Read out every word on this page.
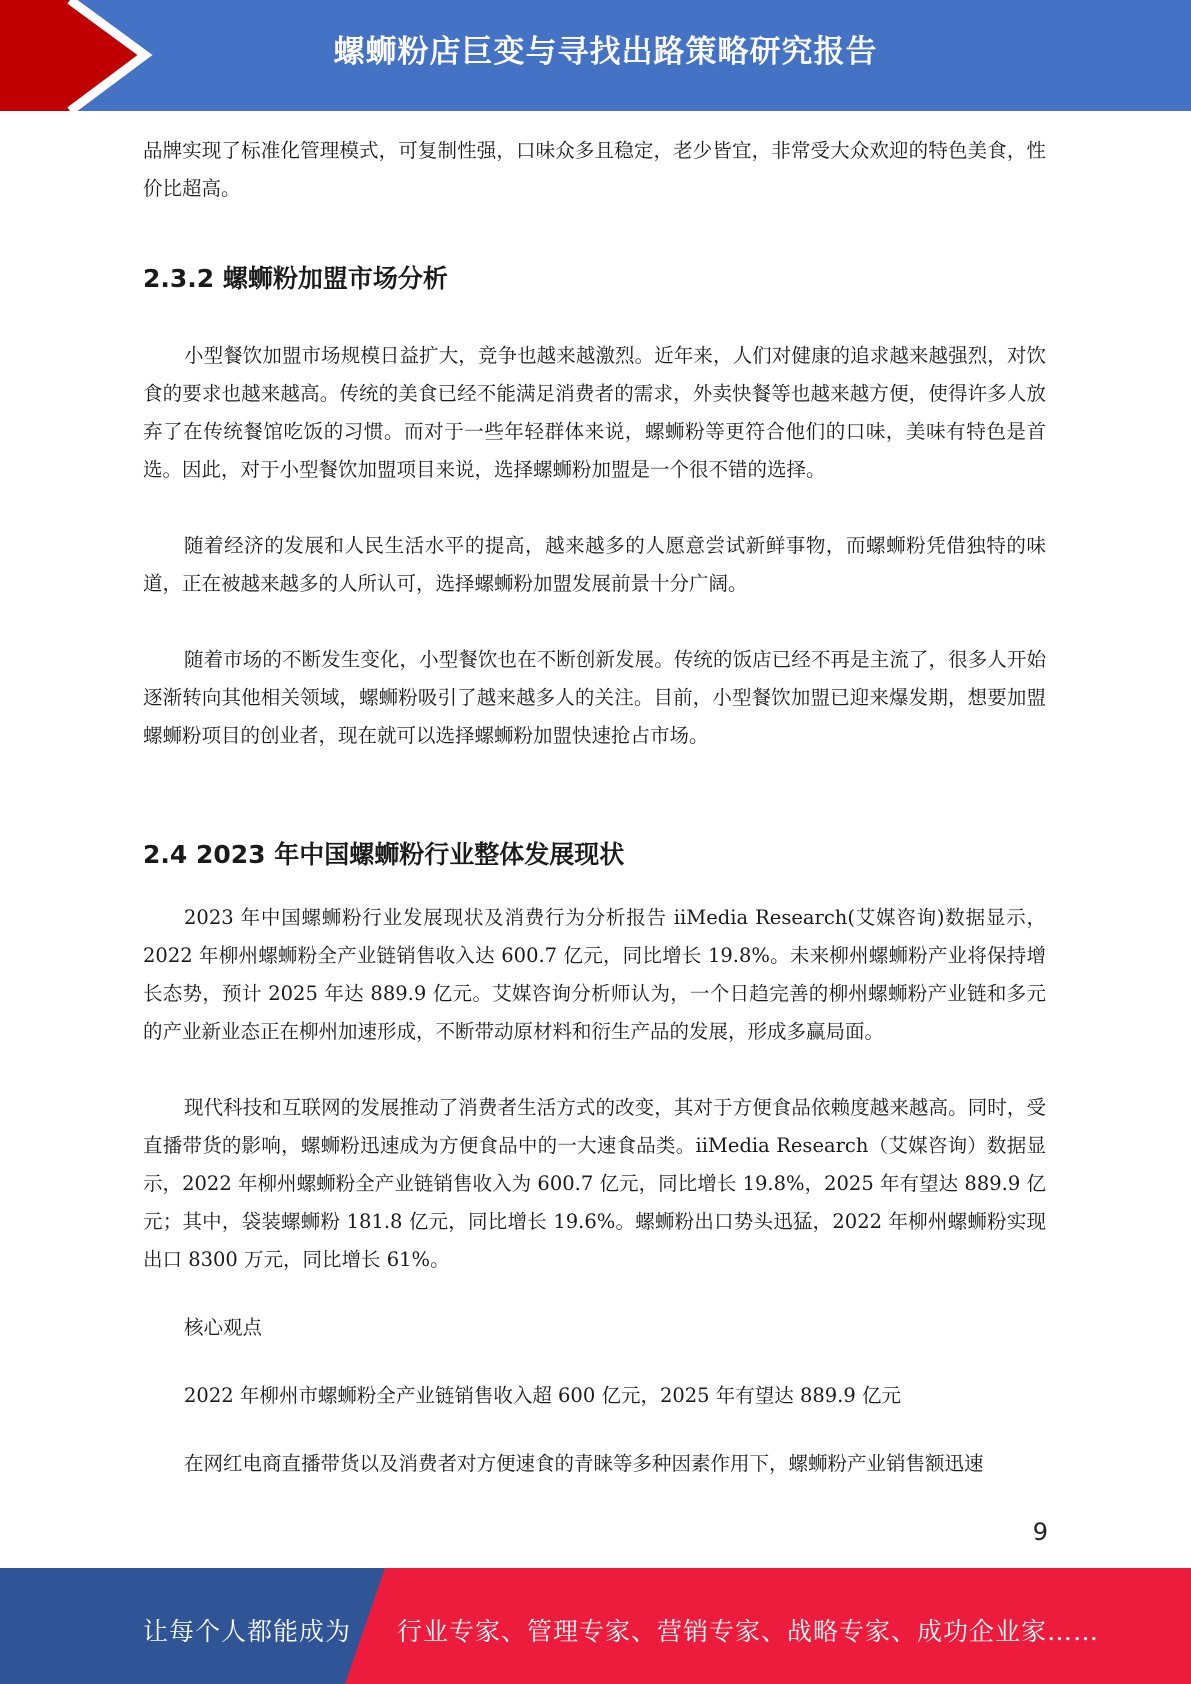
螺蛳粉店巨变与寻找出路策略研究报告

品牌实现了标准化管理模式，可复制性强，口味众多且稳定，老少皆宜，非常受大众欢迎的特色美食，性价比超高。

2.3.2 螺蛳粉加盟市场分析

小型餐饮加盟市场规模日益扩大，竞争也越来越激烈。近年来，人们对健康的追求越来越强烈，对饮食的要求也越来越高。传统的美食已经不能满足消费者的需求，外卖快餐等也越来越方便，使得许多人放弃了在传统餐馆吃饭的习惯。而对于一些年轻群体来说，螺蛳粉等更符合他们的口味，美味有特色是首选。因此，对于小型餐饮加盟项目来说，选择螺蛳粉加盟是一个很不错的选择。

随着经济的发展和人民生活水平的提高，越来越多的人愿意尝试新鲜事物，而螺蛳粉凭借独特的味道，正在被越来越多的人所认可，选择螺蛳粉加盟发展前景十分广阔。

随着市场的不断发生变化，小型餐饮也在不断创新发展。传统的饭店已经不再是主流了，很多人开始逐渐转向其他相关领域，螺蛳粉吸引了越来越多人的关注。目前，小型餐饮加盟已迎来爆发期，想要加盟螺蛳粉项目的创业者，现在就可以选择螺蛳粉加盟快速抢占市场。

2.4 2023 年中国螺蛳粉行业整体发展现状

2023 年中国螺蛳粉行业发展现状及消费行为分析报告 iiMedia Research(艾媒咨询)数据显示，2022 年柳州螺蛳粉全产业链销售收入达 600.7 亿元，同比增长 19.8%。未来柳州螺蛳粉产业将保持增长态势，预计 2025 年达 889.9 亿元。艾媒咨询分析师认为，一个日趋完善的柳州螺蛳粉产业链和多元的产业新业态正在柳州加速形成，不断带动原材料和衍生产品的发展，形成多赢局面。

现代科技和互联网的发展推动了消费者生活方式的改变，其对于方便食品依赖度越来越高。同时，受直播带货的影响，螺蛳粉迅速成为方便食品中的一大速食品类。iiMedia Research（艾媒咨询）数据显示，2022 年柳州螺蛳粉全产业链销售收入为 600.7 亿元，同比增长 19.8%，2025 年有望达 889.9 亿元；其中，袋装螺蛳粉 181.8 亿元，同比增长 19.6%。螺蛳粉出口势头迅猛，2022 年柳州螺蛳粉实现出口 8300 万元，同比增长 61%。

核心观点

2022 年柳州市螺蛳粉全产业链销售收入超 600 亿元，2025 年有望达 889.9 亿元

在网红电商直播带货以及消费者对方便速食的青睐等多种因素作用下，螺蛳粉产业销售额迅速

9
让每个人都能成为 行业专家、管理专家、营销专家、战略专家、成功企业家……
